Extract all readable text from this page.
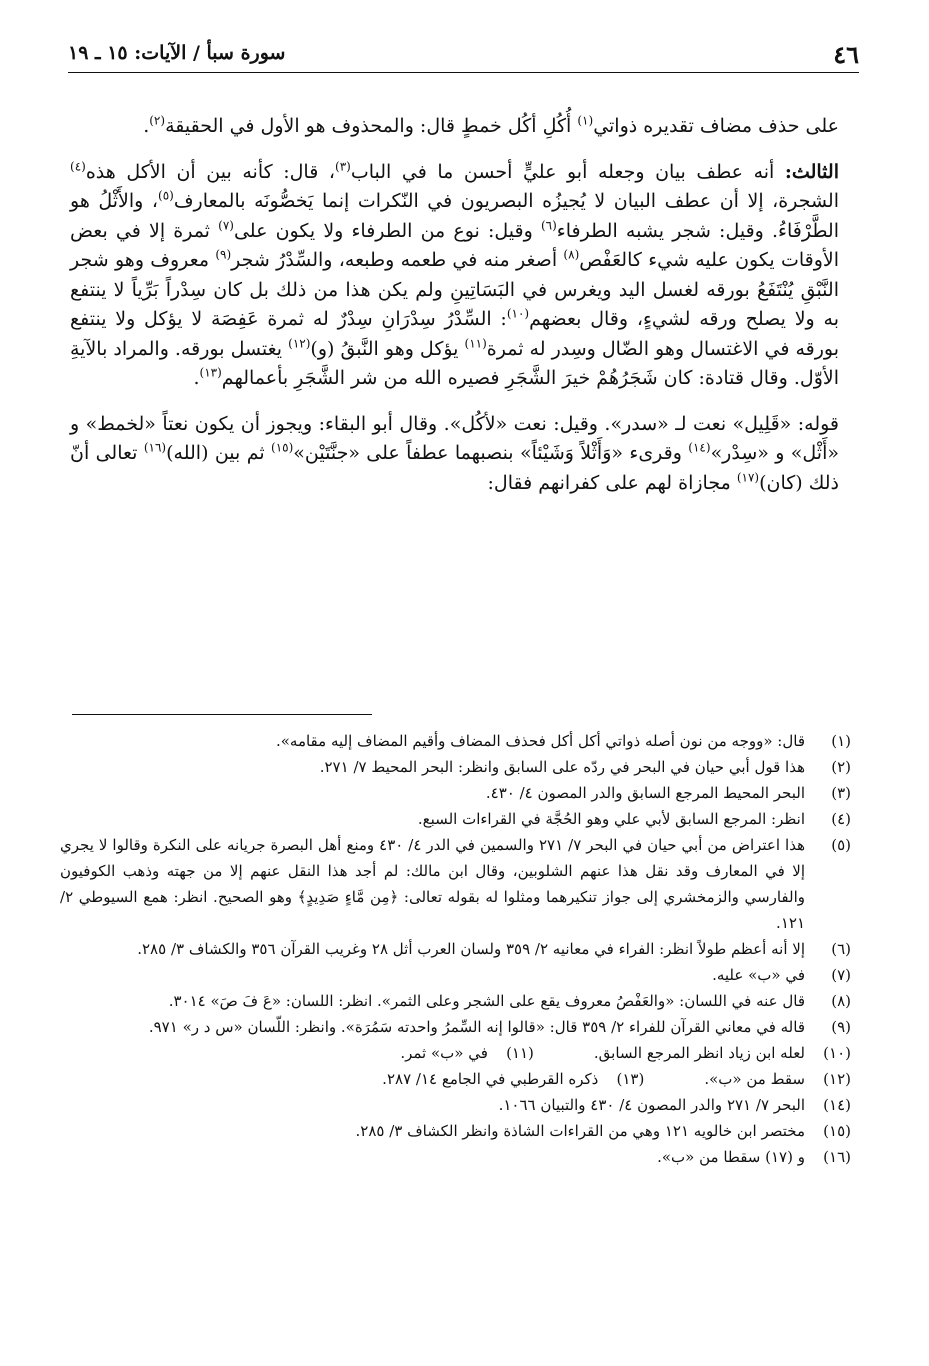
٤٦
سورة سبأ / الآيات: ١٥ ـ ١٩

على حذف مضاف تقديره ذواتي$^{(١)}$ أُكُلِ أكُل خمطٍ قال: والمحذوف هو الأول في الحقيقة$^{(٢)}$.

الثالث: أنه عطف بيان وجعله أبو عليٍّ أحسن ما في الباب$^{(٣)}$، قال: كأنه بين أن الأكل هذه$^{(٤)}$ الشجرة، إلا أن عطف البيان لا يُجيزُه البصريون في النّكرات إنما يَخصُّونَه بالمعارف$^{(٥)}$، والأَثْلُ هو الطَّرْفَاءُ. وقيل: شجر يشبه الطرفاء$^{(٦)}$ وقيل: نوع من الطرفاء ولا يكون على$^{(٧)}$ ثمرة إلا في بعض الأوقات يكون عليه شيء كالعَفْص$^{(٨)}$ أصغر منه في طعمه وطبعه، والسِّدْرُ شجر$^{(٩)}$ معروف وهو شجر النَّبْقِ يُنْتَفَعُ بورقه لغسل اليد ويغرس في البَسَاتِينِ ولم يكن هذا من ذلك بل كان سِدْراً بَرِّياً لا ينتفع به ولا يصلح ورقه لشيءٍ، وقال بعضهم$^{(١٠)}$: السِّدْرُ سِدْرَانِ سِدْرٌ له ثمرة عَفِصَة لا يؤكل ولا ينتفع بورقه في الاغتسال وهو الضّال وسِدر له ثمرة$^{(١١)}$ يؤكل وهو النَّبقُ (و)$^{(١٢)}$ يغتسل بورقه. والمراد بالآيةِ الأوّل. وقال قتادة: كان شَجَرُهُمْ خيرَ الشَّجَرِ فصيره الله من شر الشَّجَرِ بأعمالهم$^{(١٣)}$.

قوله: «قَلِيل» نعت لـ «سدر». وقيل: نعت «لأكُل». وقال أبو البقاء: ويجوز أن يكون نعتاً «لخمط» و «أَثْل» و «سِدْر»$^{(١٤)}$ وقرىء «وَأَثْلاً وَشَيْئاً» بنصبهما عطفاً على «جنَّتَيْن»$^{(١٥)}$ ثم بين (الله)$^{(١٦)}$ تعالى أنّ ذلك (كان)$^{(١٧)}$ مجازاة لهم على كفرانهم فقال:

(١)
قال: «ووجه من نون أصله ذواتي أكل أكل فحذف المضاف وأقيم المضاف إليه مقامه».
(٢)
هذا قول أبي حيان في البحر في ردّه على السابق وانظر: البحر المحيط ٧/ ٢٧١.
(٣)
البحر المحيط المرجع السابق والدر المصون ٤/ ٤٣٠.
(٤)
انظر: المرجع السابق لأبي علي وهو الحُجَّة في القراءات السبع.
(٥)
هذا اعتراض من أبي حيان في البحر ٧/ ٢٧١ والسمين في الدر ٤/ ٤٣٠ ومنع أهل البصرة جريانه على النكرة وقالوا لا يجري إلا في المعارف وقد نقل هذا عنهم الشلوبين، وقال ابن مالك: لم أجد هذا النقل عنهم إلا من جهته وذهب الكوفيون والفارسي والزمخشري إلى جواز تنكيرهما ومثلوا له بقوله تعالى: ﴿مِن مَّاءٍ صَدِيدٍ﴾ وهو الصحيح. انظر: همع السيوطي ٢/ ١٢١.
(٦)
إلا أنه أعظم طولاً انظر: الفراء في معانيه ٢/ ٣٥٩ ولسان العرب أثل ٢٨ وغريب القرآن ٣٥٦ والكشاف ٣/ ٢٨٥.
(٧)
في «ب» عليه.
(٨)
قال عنه في اللسان: «والعَفْصُ معروف يقع على الشجر وعلى الثمر». انظر: اللسان: «عَ فَ صَ» ٣٠١٤.
(٩)
قاله في معاني القرآن للفراء ٢/ ٣٥٩ قال: «قالوا إنه السِّمرُ واحدته سَمُرَة». وانظر: اللّسان «س د ر» ٩٧١.
(١٠)
لعله ابن زياد انظر المرجع السابق.
(١١)
في «ب» ثمر.
(١٢)
سقط من «ب».
(١٣)
ذكره القرطبي في الجامع ١٤/ ٢٨٧.
(١٤)
البحر ٧/ ٢٧١ والدر المصون ٤/ ٤٣٠ والتبيان ١٠٦٦.
(١٥)
مختصر ابن خالويه ١٢١ وهي من القراءات الشاذة وانظر الكشاف ٣/ ٢٨٥.
(١٦)
و (١٧) سقطا من «ب».
